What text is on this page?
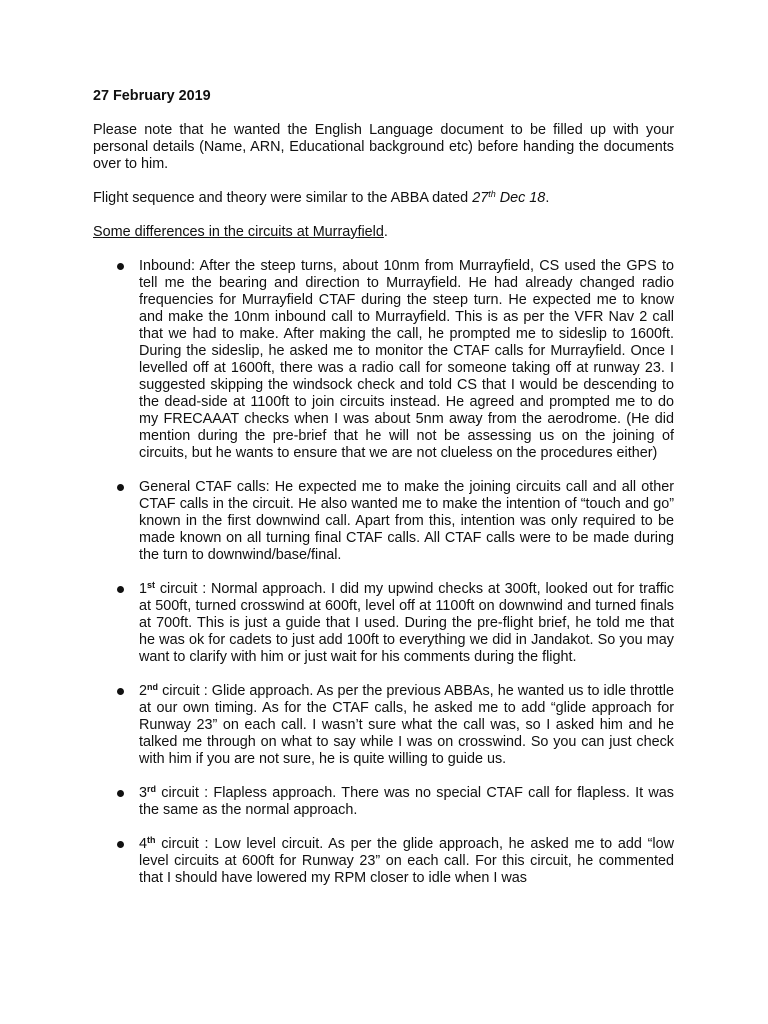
27 February 2019

Please note that he wanted the English Language document to be filled up with your personal details (Name, ARN, Educational background etc) before handing the documents over to him.

Flight sequence and theory were similar to the ABBA dated 27th Dec 18.

Some differences in the circuits at Murrayfield.

Inbound: After the steep turns, about 10nm from Murrayfield, CS used the GPS to tell me the bearing and direction to Murrayfield. He had already changed radio frequencies for Murrayfield CTAF during the steep turn. He expected me to know and make the 10nm inbound call to Murrayfield. This is as per the VFR Nav 2 call that we had to make. After making the call, he prompted me to sideslip to 1600ft. During the sideslip, he asked me to monitor the CTAF calls for Murrayfield. Once I levelled off at 1600ft, there was a radio call for someone taking off at runway 23. I suggested skipping the windsock check and told CS that I would be descending to the dead-side at 1100ft to join circuits instead. He agreed and prompted me to do my FRECAAAT checks when I was about 5nm away from the aerodrome. (He did mention during the pre-brief that he will not be assessing us on the joining of circuits, but he wants to ensure that we are not clueless on the procedures either)
General CTAF calls: He expected me to make the joining circuits call and all other CTAF calls in the circuit. He also wanted me to make the intention of “touch and go” known in the first downwind call. Apart from this, intention was only required to be made known on all turning final CTAF calls. All CTAF calls were to be made during the turn to downwind/base/final.
1st circuit : Normal approach. I did my upwind checks at 300ft, looked out for traffic at 500ft, turned crosswind at 600ft, level off at 1100ft on downwind and turned finals at 700ft. This is just a guide that I used. During the pre-flight brief, he told me that he was ok for cadets to just add 100ft to everything we did in Jandakot. So you may want to clarify with him or just wait for his comments during the flight.
2nd circuit : Glide approach. As per the previous ABBAs, he wanted us to idle throttle at our own timing. As for the CTAF calls, he asked me to add “glide approach for Runway 23” on each call. I wasn’t sure what the call was, so I asked him and he talked me through on what to say while I was on crosswind. So you can just check with him if you are not sure, he is quite willing to guide us.
3rd circuit : Flapless approach. There was no special CTAF call for flapless. It was the same as the normal approach.
4th circuit : Low level circuit. As per the glide approach, he asked me to add “low level circuits at 600ft for Runway 23” on each call. For this circuit, he commented that I should have lowered my RPM closer to idle when I was
